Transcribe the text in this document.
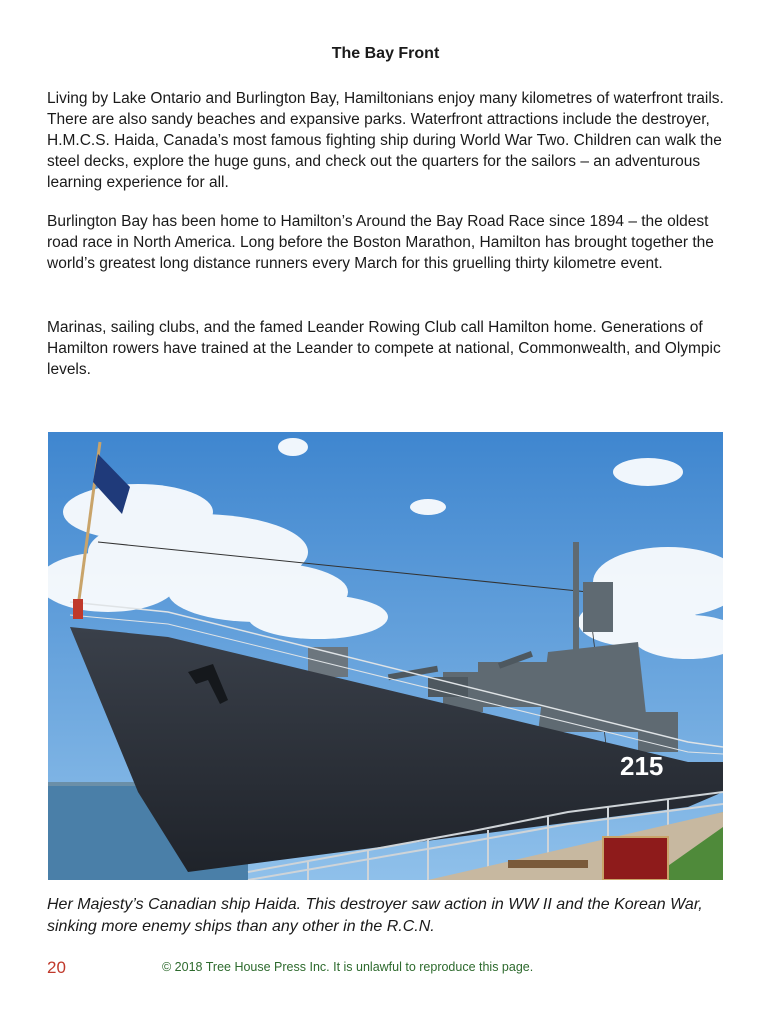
The Bay Front

Living by Lake Ontario and Burlington Bay, Hamiltonians enjoy many kilometres of waterfront trails. There are also sandy beaches and expansive parks. Waterfront attractions include the destroyer, H.M.C.S. Haida, Canada’s most famous fighting ship during World War Two. Children can walk the steel decks, explore the huge guns, and check out the quarters for the sailors – an adventurous learning experience for all.

Burlington Bay has been home to Hamilton’s Around the Bay Road Race since 1894 – the oldest road race in North America. Long before the Boston Marathon, Hamilton has brought together the world’s greatest long distance runners every March for this gruelling thirty kilometre event.

Marinas, sailing clubs, and the famed Leander Rowing Club call Hamilton home. Generations of Hamilton rowers have trained at the Leander to compete at national, Commonwealth, and Olympic levels.

215

Her Majesty’s Canadian ship Haida. This destroyer saw action in WW II and the Korean War, sinking more enemy ships than any other in the R.C.N.

20	© 2018 Tree House Press Inc. It is unlawful to reproduce this page.
